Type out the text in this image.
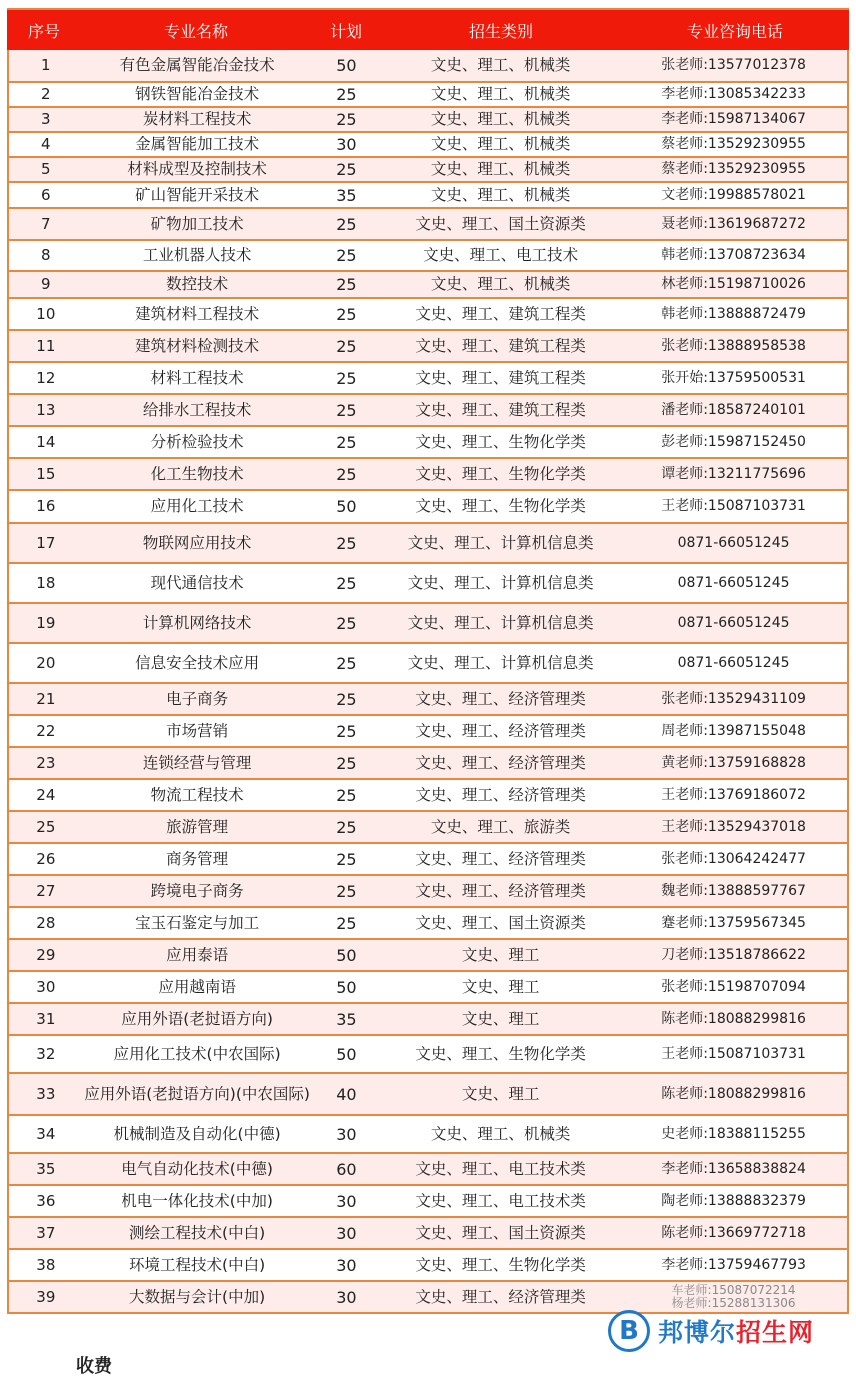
序号	专业名称	计划	招生类别	专业咨询电话
1	有色金属智能冶金技术	50	文史、理工、机械类	张老师:13577012378
2	钢铁智能冶金技术	25	文史、理工、机械类	李老师:13085342233
3	炭材料工程技术	25	文史、理工、机械类	李老师:15987134067
4	金属智能加工技术	30	文史、理工、机械类	蔡老师:13529230955
5	材料成型及控制技术	25	文史、理工、机械类	蔡老师:13529230955
6	矿山智能开采技术	35	文史、理工、机械类	文老师:19988578021
7	矿物加工技术	25	文史、理工、国土资源类	聂老师:13619687272
8	工业机器人技术	25	文史、理工、电工技术	韩老师:13708723634
9	数控技术	25	文史、理工、机械类	林老师:15198710026
10	建筑材料工程技术	25	文史、理工、建筑工程类	韩老师:13888872479
11	建筑材料检测技术	25	文史、理工、建筑工程类	张老师:13888958538
12	材料工程技术	25	文史、理工、建筑工程类	张开始:13759500531
13	给排水工程技术	25	文史、理工、建筑工程类	潘老师:18587240101
14	分析检验技术	25	文史、理工、生物化学类	彭老师:15987152450
15	化工生物技术	25	文史、理工、生物化学类	谭老师:13211775696
16	应用化工技术	50	文史、理工、生物化学类	王老师:15087103731
17	物联网应用技术	25	文史、理工、计算机信息类	0871-66051245
18	现代通信技术	25	文史、理工、计算机信息类	0871-66051245
19	计算机网络技术	25	文史、理工、计算机信息类	0871-66051245
20	信息安全技术应用	25	文史、理工、计算机信息类	0871-66051245
21	电子商务	25	文史、理工、经济管理类	张老师:13529431109
22	市场营销	25	文史、理工、经济管理类	周老师:13987155048
23	连锁经营与管理	25	文史、理工、经济管理类	黄老师:13759168828
24	物流工程技术	25	文史、理工、经济管理类	王老师:13769186072
25	旅游管理	25	文史、理工、旅游类	王老师:13529437018
26	商务管理	25	文史、理工、经济管理类	张老师:13064242477
27	跨境电子商务	25	文史、理工、经济管理类	魏老师:13888597767
28	宝玉石鉴定与加工	25	文史、理工、国土资源类	蹇老师:13759567345
29	应用泰语	50	文史、理工	刀老师:13518786622
30	应用越南语	50	文史、理工	张老师:15198707094
31	应用外语(老挝语方向)	35	文史、理工	陈老师:18088299816
32	应用化工技术(中农国际)	50	文史、理工、生物化学类	王老师:15087103731
33	应用外语(老挝语方向)(中农国际)	40	文史、理工	陈老师:18088299816
34	机械制造及自动化(中德)	30	文史、理工、机械类	史老师:18388115255
35	电气自动化技术(中德)	60	文史、理工、电工技术类	李老师:13658838824
36	机电一体化技术(中加)	30	文史、理工、电工技术类	陶老师:13888832379
37	测绘工程技术(中白)	30	文史、理工、国土资源类	陈老师:13669772718
38	环境工程技术(中白)	30	文史、理工、生物化学类	李老师:13759467793
39	大数据与会计(中加)	30	文史、理工、经济管理类	车老师:15087072214
杨老师:15288131306
B 邦博尔招生网
收费
